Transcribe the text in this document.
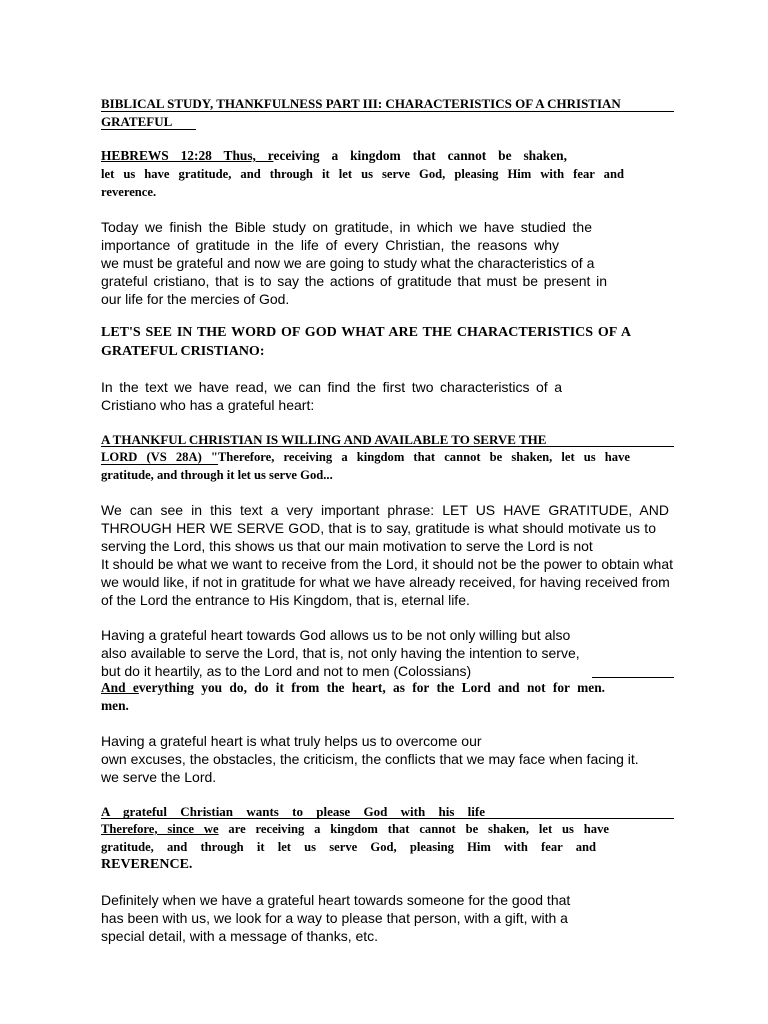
BIBLICAL STUDY, THANKFULNESS PART III: CHARACTERISTICS OF A CHRISTIAN
GRATEFUL
HEBREWS 12:28 Thus, receiving a kingdom that cannot be shaken,
let us have gratitude, and through it let us serve God, pleasing Him with fear and
reverence.
Today we finish the Bible study on gratitude, in which we have studied the
importance of gratitude in the life of every Christian, the reasons why
we must be grateful and now we are going to study what the characteristics of a
grateful cristiano, that is to say the actions of gratitude that must be present in
our life for the mercies of God.
LET'S SEE IN THE WORD OF GOD WHAT ARE THE CHARACTERISTICS OF A
GRATEFUL CRISTIANO:
In the text we have read, we can find the first two characteristics of a
Cristiano who has a grateful heart:
A THANKFUL CHRISTIAN IS WILLING AND AVAILABLE TO SERVE THE
LORD (VS 28A) "Therefore, receiving a kingdom that cannot be shaken, let us have
gratitude, and through it let us serve God...
We can see in this text a very important phrase: LET US HAVE GRATITUDE, AND
THROUGH HER WE SERVE GOD, that is to say, gratitude is what should motivate us to
serving the Lord, this shows us that our main motivation to serve the Lord is not
It should be what we want to receive from the Lord, it should not be the power to obtain what
we would like, if not in gratitude for what we have already received, for having received from
of the Lord the entrance to His Kingdom, that is, eternal life.
Having a grateful heart towards God allows us to be not only willing but also
also available to serve the Lord, that is, not only having the intention to serve,
but do it heartily, as to the Lord and not to men (Colossians)
And everything you do, do it from the heart, as for the Lord and not for men.
men.
Having a grateful heart is what truly helps us to overcome our
own excuses, the obstacles, the criticism, the conflicts that we may face when facing it.
we serve the Lord.
A grateful Christian wants to please God with his life
Therefore, since we are receiving a kingdom that cannot be shaken, let us have
gratitude, and through it let us serve God, pleasing Him with fear and
REVERENCE.
Definitely when we have a grateful heart towards someone for the good that
has been with us, we look for a way to please that person, with a gift, with a
special detail, with a message of thanks, etc.
